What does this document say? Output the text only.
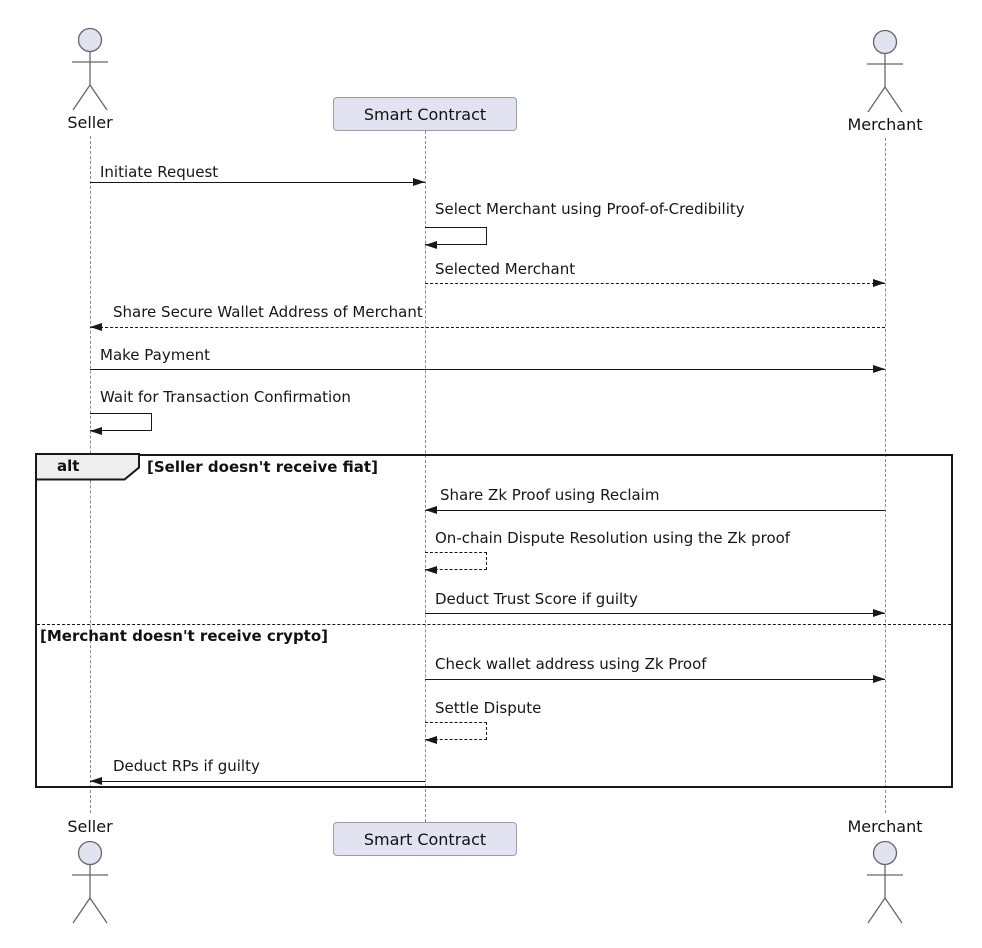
Seller	Merchant
Smart Contract
Initiate Request
Select Merchant using Proof-of-Credibility
Selected Merchant
Share Secure Wallet Address of Merchant
Make Payment
Wait for Transaction Confirmation
alt	[Seller doesn't receive fiat]
Share Zk Proof using Reclaim
On-chain Dispute Resolution using the Zk proof
Deduct Trust Score if guilty
[Merchant doesn't receive crypto]
Check wallet address using Zk Proof
Settle Dispute
Deduct RPs if guilty
Seller	Merchant
Smart Contract
